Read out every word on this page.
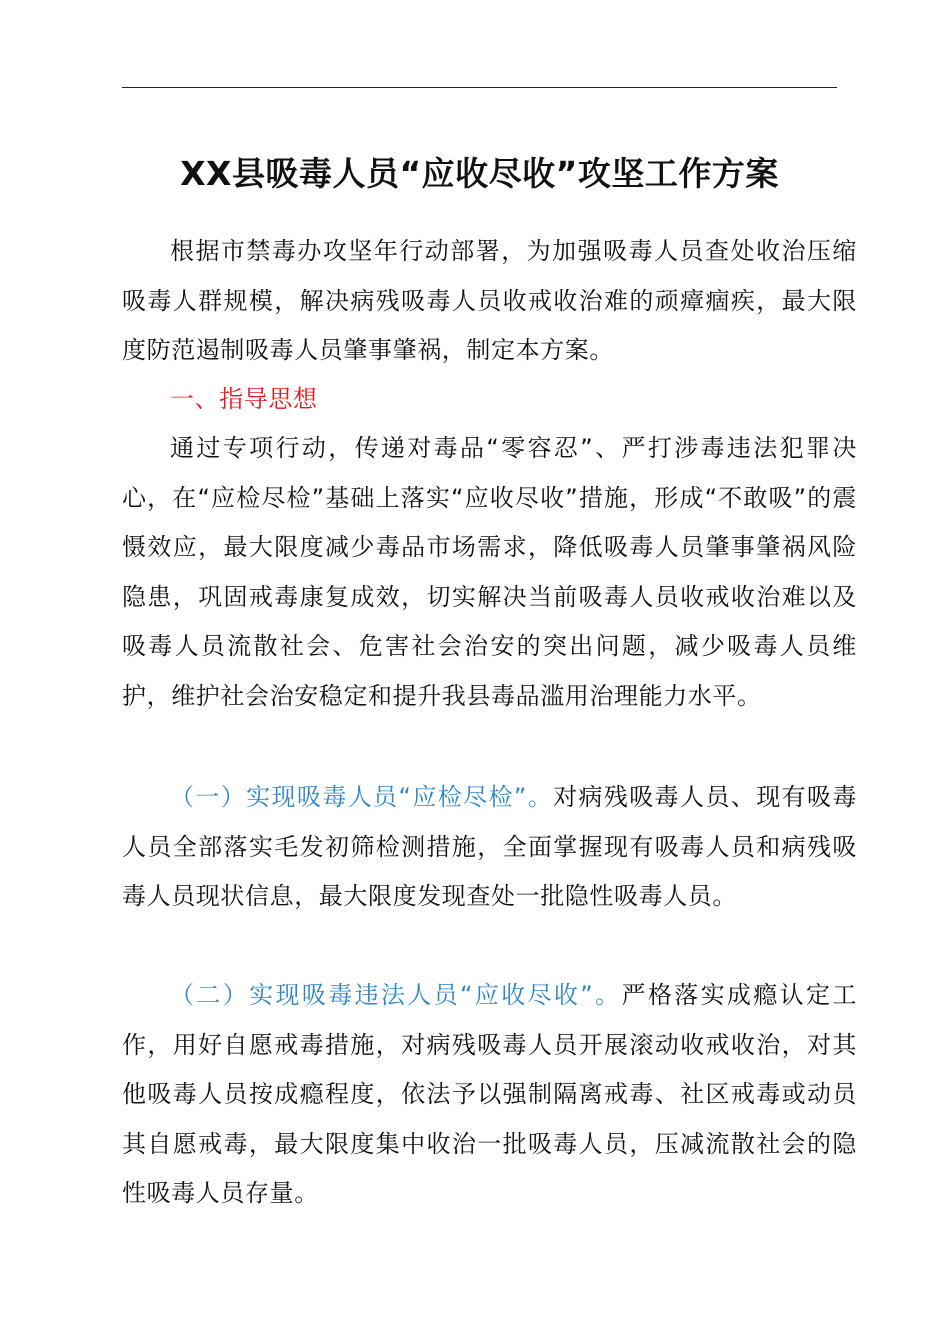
XX县吸毒人员“应收尽收”攻坚工作方案

根据市禁毒办攻坚年行动部署，为加强吸毒人员查处收治压缩吸毒人群规模，解决病残吸毒人员收戒收治难的顽瘴痼疾，最大限度防范遏制吸毒人员肇事肇祸，制定本方案。

一、指导思想

通过专项行动，传递对毒品“零容忍”、严打涉毒违法犯罪决心，在“应检尽检”基础上落实“应收尽收”措施，形成“不敢吸”的震慑效应，最大限度减少毒品市场需求，降低吸毒人员肇事肇祸风险隐患，巩固戒毒康复成效，切实解决当前吸毒人员收戒收治难以及吸毒人员流散社会、危害社会治安的突出问题，减少吸毒人员维护，维护社会治安稳定和提升我县毒品滥用治理能力水平。

（一）实现吸毒人员“应检尽检”。对病残吸毒人员、现有吸毒人员全部落实毛发初筛检测措施，全面掌握现有吸毒人员和病残吸毒人员现状信息，最大限度发现查处一批隐性吸毒人员。

（二）实现吸毒违法人员“应收尽收”。严格落实成瘾认定工作，用好自愿戒毒措施，对病残吸毒人员开展滚动收戒收治，对其他吸毒人员按成瘾程度，依法予以强制隔离戒毒、社区戒毒或动员其自愿戒毒，最大限度集中收治一批吸毒人员，压减流散社会的隐性吸毒人员存量。
